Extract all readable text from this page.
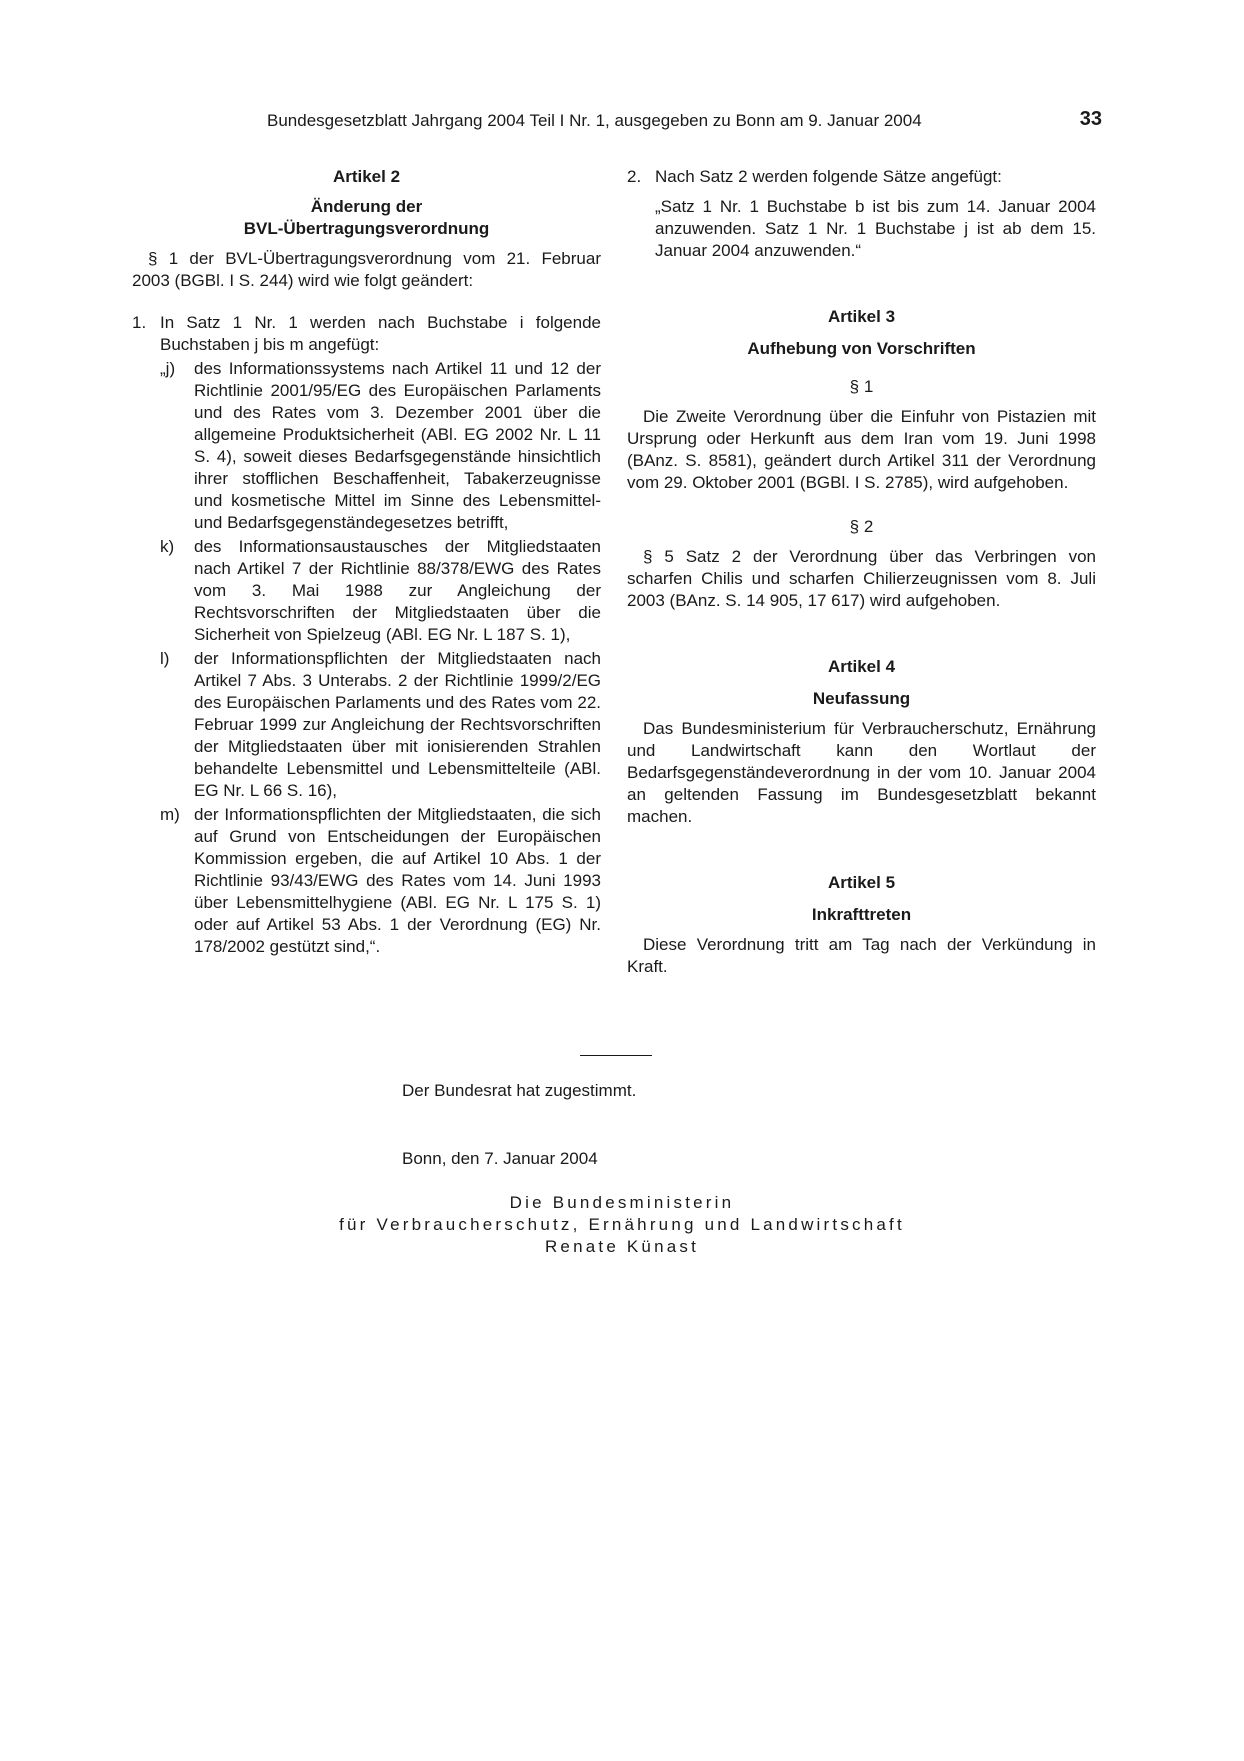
Bundesgesetzblatt Jahrgang 2004 Teil I Nr. 1, ausgegeben zu Bonn am 9. Januar 2004	33

Artikel 2

Änderung der

BVL-Übertragungsverordnung

§ 1 der BVL-Übertragungsverordnung vom 21. Februar 2003 (BGBl. I S. 244) wird wie folgt geändert:

1. In Satz 1 Nr. 1 werden nach Buchstabe i folgende Buchstaben j bis m angefügt:
„j)	des Informationssystems nach Artikel 11 und 12 der Richtlinie 2001/95/EG des Europäischen Parlaments und des Rates vom 3. Dezember 2001 über die allgemeine Produktsicherheit (ABl. EG 2002 Nr. L 11 S. 4), soweit dieses Bedarfsgegenstände hinsichtlich ihrer stofflichen Beschaffenheit, Tabakerzeugnisse und kosmetische Mittel im Sinne des Lebensmittel- und Bedarfsgegenständegesetzes betrifft,
k)	des Informationsaustausches der Mitgliedstaaten nach Artikel 7 der Richtlinie 88/378/EWG des Rates vom 3. Mai 1988 zur Angleichung der Rechtsvorschriften der Mitgliedstaaten über die Sicherheit von Spielzeug (ABl. EG Nr. L 187 S. 1),
l)	der Informationspflichten der Mitgliedstaaten nach Artikel 7 Abs. 3 Unterabs. 2 der Richtlinie 1999/2/EG des Europäischen Parlaments und des Rates vom 22. Februar 1999 zur Angleichung der Rechtsvorschriften der Mitgliedstaaten über mit ionisierenden Strahlen behandelte Lebensmittel und Lebensmittelteile (ABl. EG Nr. L 66 S. 16),
m) der Informationspflichten der Mitgliedstaaten, die sich auf Grund von Entscheidungen der Europäischen Kommission ergeben, die auf Artikel 10 Abs. 1 der Richtlinie 93/43/EWG des Rates vom 14. Juni 1993 über Lebensmittelhygiene (ABl. EG Nr. L 175 S. 1) oder auf Artikel 53 Abs. 1 der Verordnung (EG) Nr. 178/2002 gestützt sind,“.
2. Nach Satz 2 werden folgende Sätze angefügt:

„Satz 1 Nr. 1 Buchstabe b ist bis zum 14. Januar 2004 anzuwenden. Satz 1 Nr. 1 Buchstabe j ist ab dem 15. Januar 2004 anzuwenden.“

Artikel 3

Aufhebung von Vorschriften

§ 1

Die Zweite Verordnung über die Einfuhr von Pistazien mit Ursprung oder Herkunft aus dem Iran vom 19. Juni 1998 (BAnz. S. 8581), geändert durch Artikel 311 der Verordnung vom 29. Oktober 2001 (BGBl. I S. 2785), wird aufgehoben.

§ 2

§ 5 Satz 2 der Verordnung über das Verbringen von scharfen Chilis und scharfen Chilierzeugnissen vom 8. Juli 2003 (BAnz. S. 14 905, 17 617) wird aufgehoben.

Artikel 4

Neufassung

Das Bundesministerium für Verbraucherschutz, Ernährung und Landwirtschaft kann den Wortlaut der Bedarfsgegenständeverordnung in der vom 10. Januar 2004 an geltenden Fassung im Bundesgesetzblatt bekannt machen.

Artikel 5

Inkrafttreten

Diese Verordnung tritt am Tag nach der Verkündung in Kraft.

Der Bundesrat hat zugestimmt.

Bonn, den 7. Januar 2004

Die Bundesministerin

für Verbraucherschutz, Ernährung und Landwirtschaft

Renate Künast
